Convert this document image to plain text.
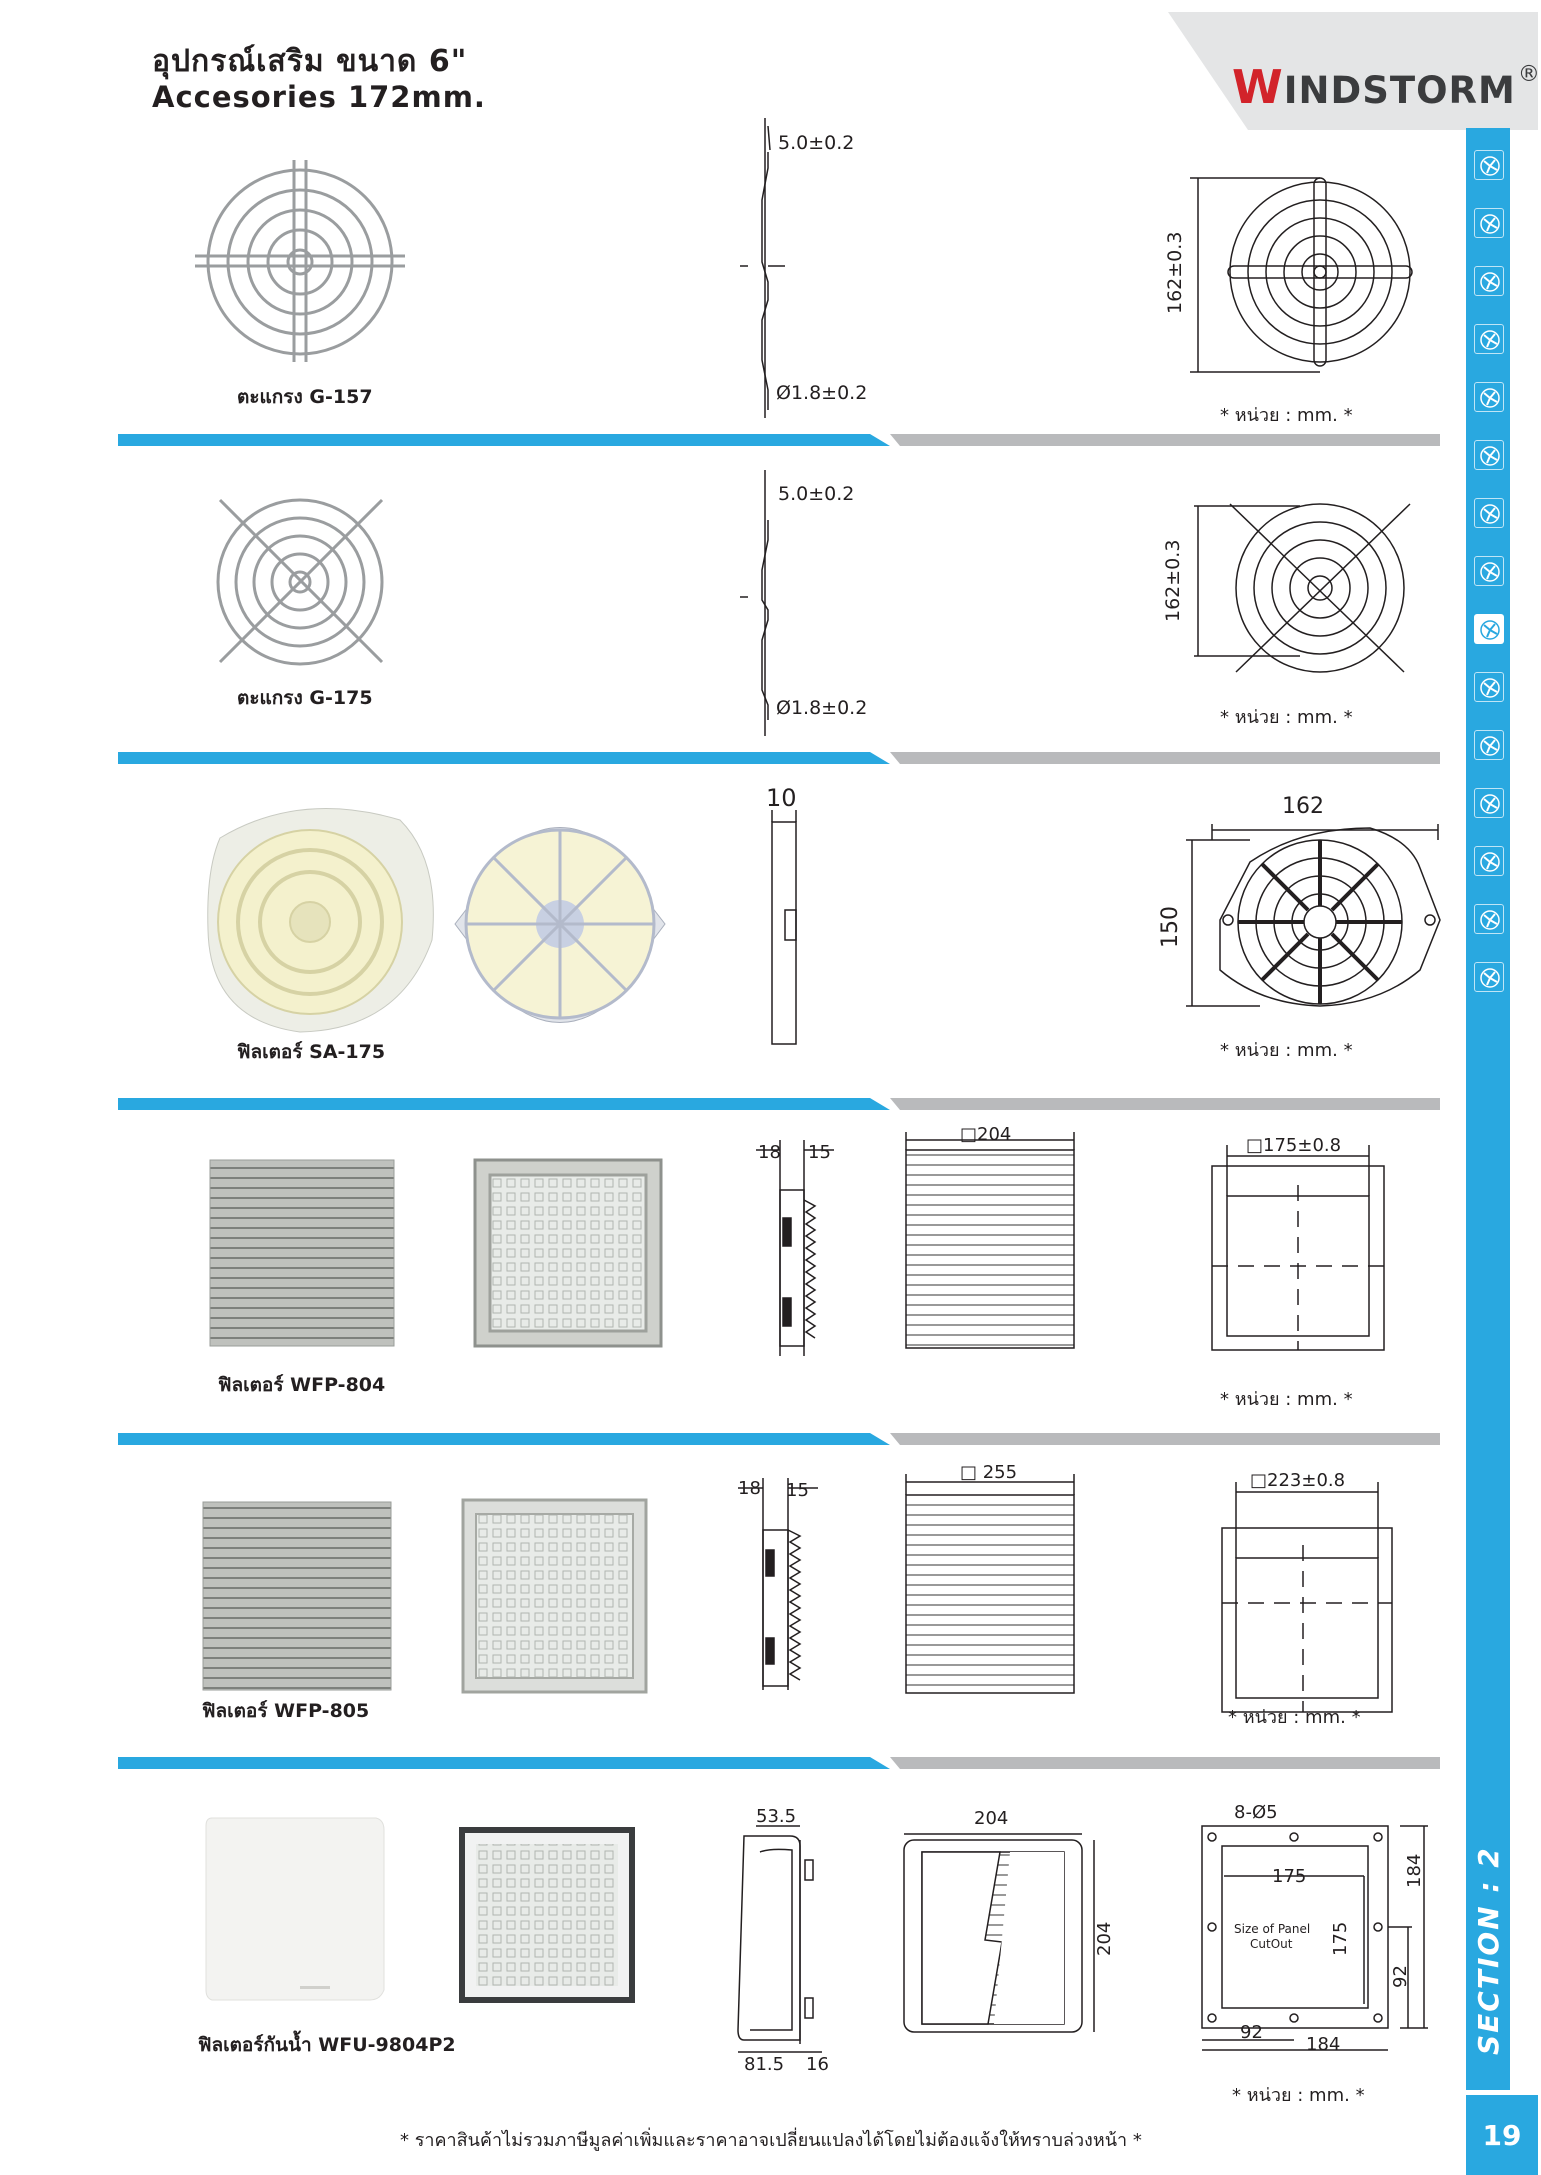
อุปกรณ์เสริม ขนาด 6"
Accesories 172mm.	WINDSTORM®
SECTION : 2
19
ตะแกรง G-157
5.0±0.2
Ø1.8±0.2
162±0.3
* หน่วย : mm. *
ตะแกรง G-175
5.0±0.2
Ø1.8±0.2
162±0.3
* หน่วย : mm. *
ฟิลเตอร์ SA-175
10	162
150
* หน่วย : mm. *
ฟิลเตอร์ WFP-804
18 15
□204
□175±0.8
* หน่วย : mm. *
ฟิลเตอร์ WFP-805
18 15
□ 255	□223±0.8
* หน่วย : mm. *
ฟิลเตอร์กันน้ำ WFU-9804P2
53.5
81.5 16
204
204
8-Ø5
175
175
Size of Panel
CutOut
184
92
92
184
* หน่วย : mm. *
* ราคาสินค้าไม่รวมภาษีมูลค่าเพิ่มและราคาอาจเปลี่ยนแปลงได้โดยไม่ต้องแจ้งให้ทราบล่วงหน้า *
